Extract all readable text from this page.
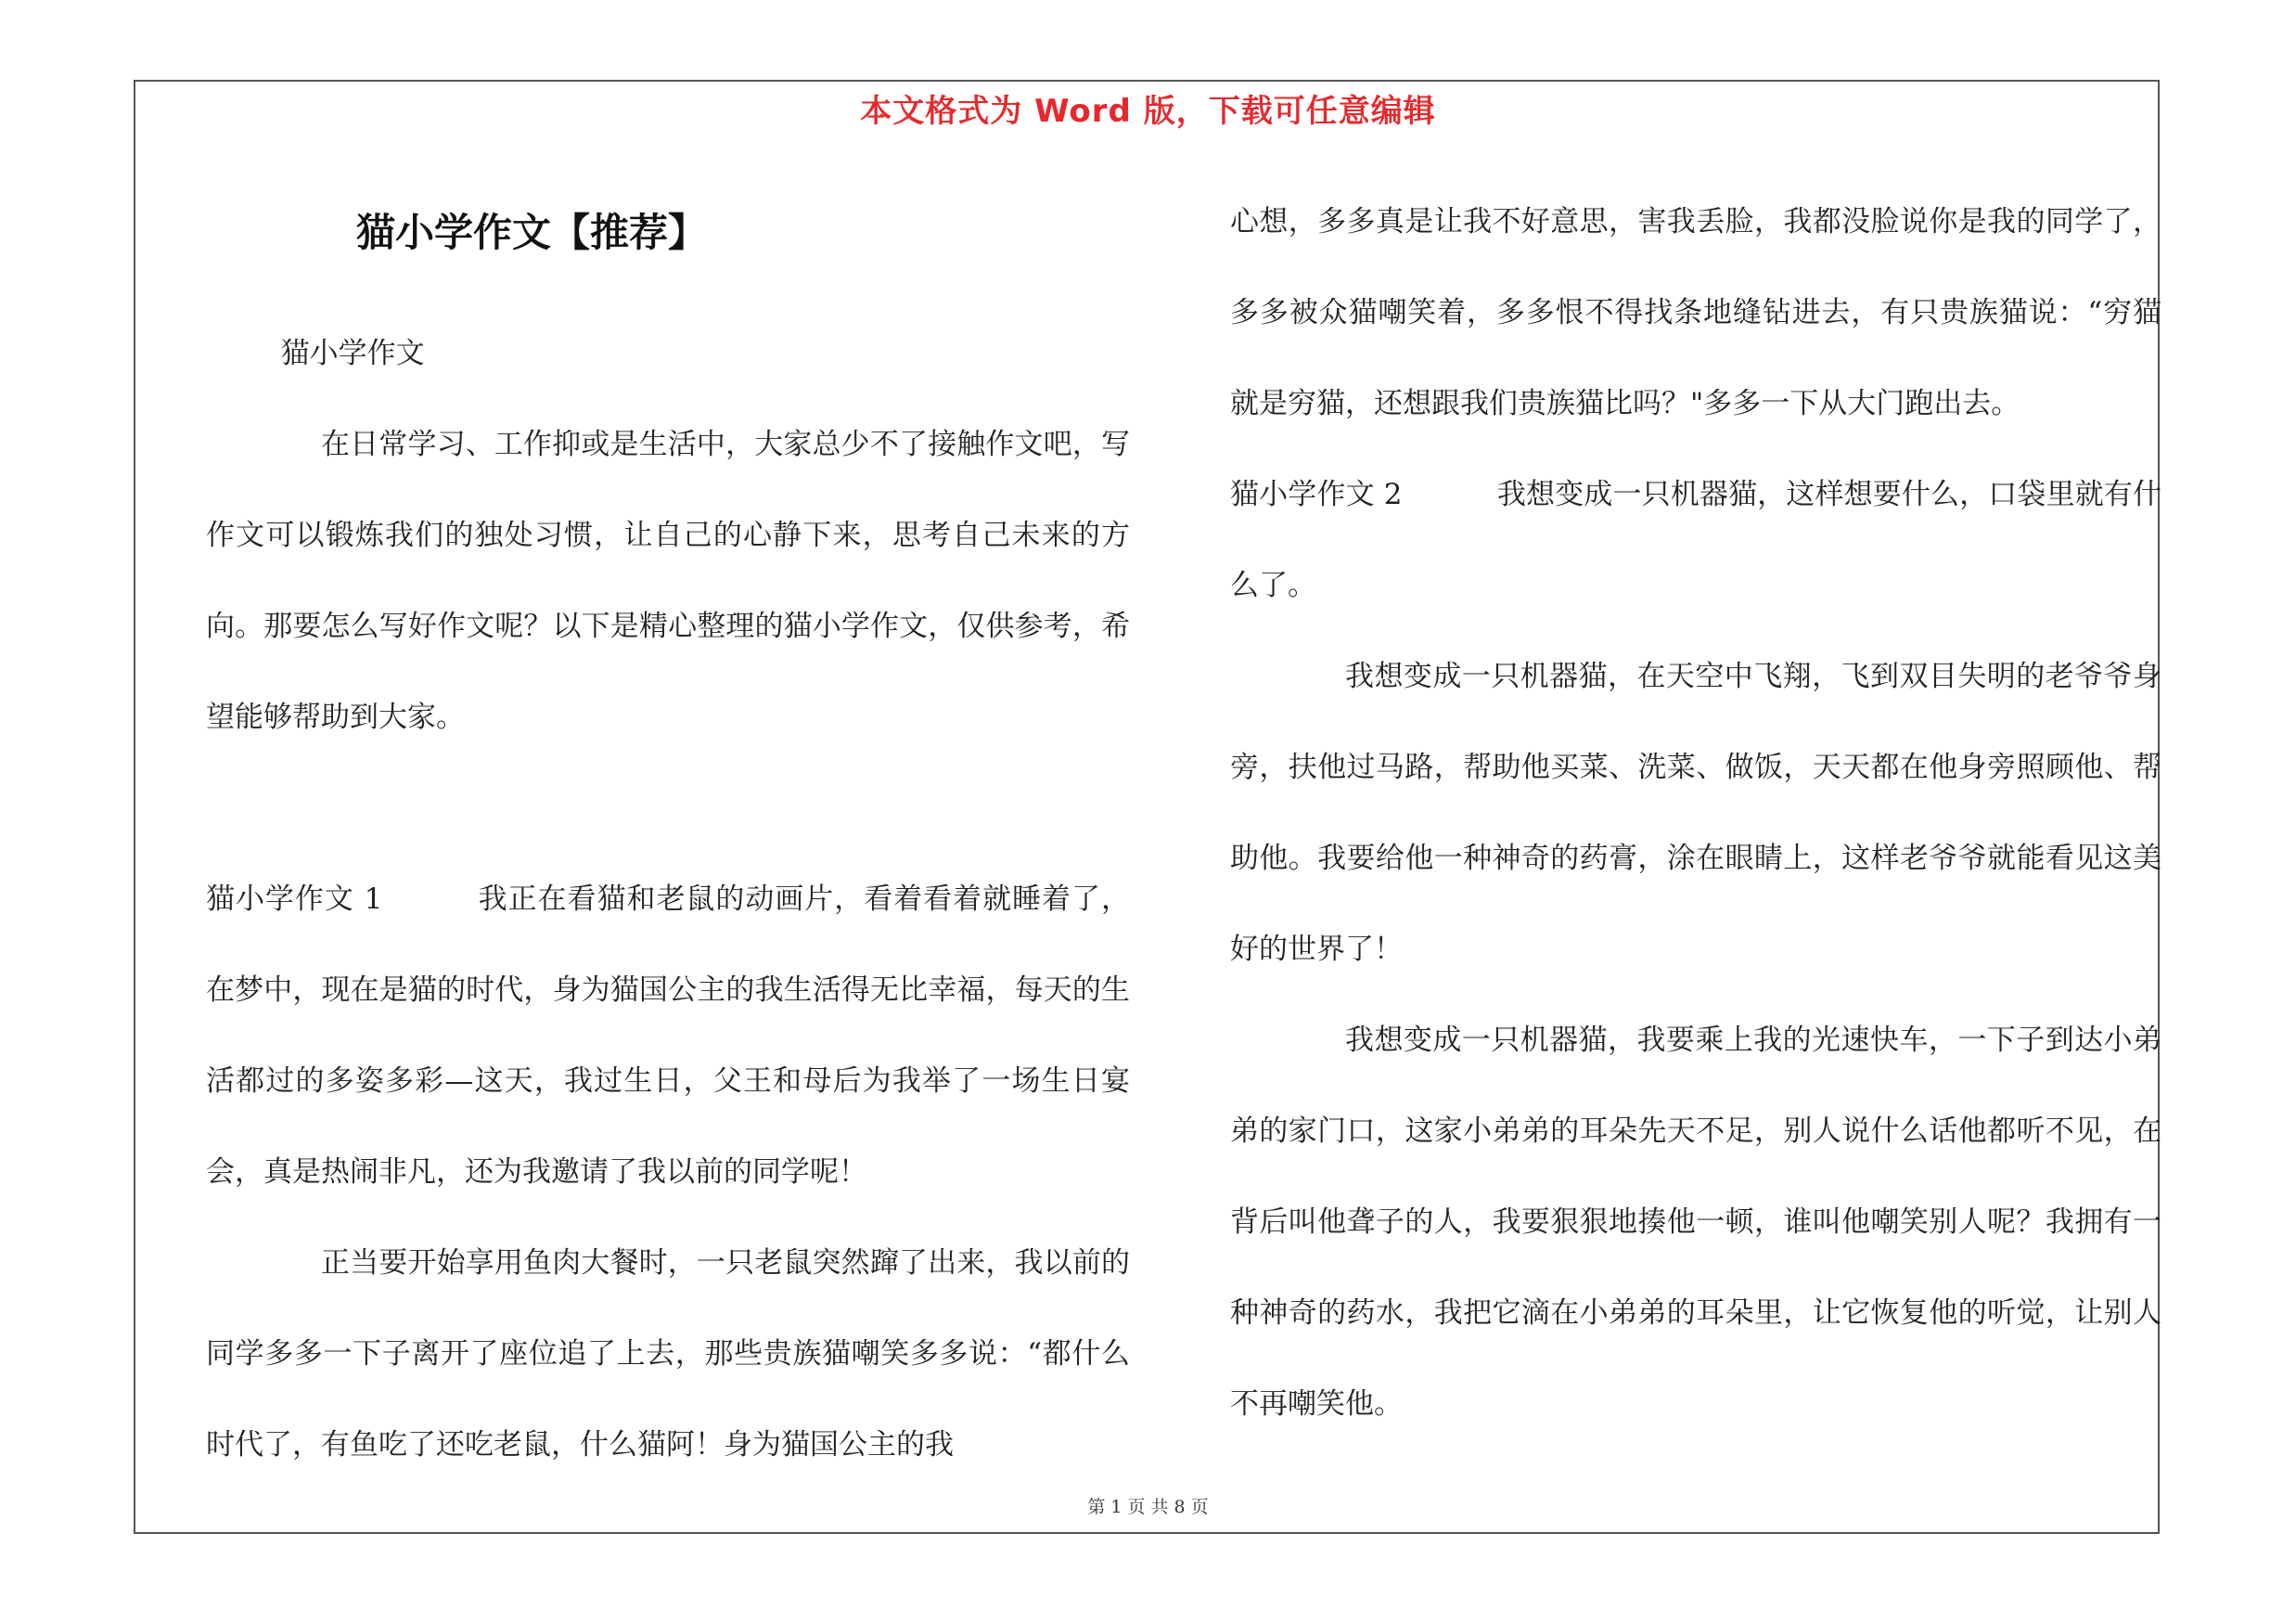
本文格式为 Word 版，下载可任意编辑
猫小学作文【推荐】

猫小学作文

在日常学习、工作抑或是生活中，大家总少不了接触作文吧，写作文可以锻炼我们的独处习惯，让自己的心静下来，思考自己未来的方向。那要怎么写好作文呢？以下是精心整理的猫小学作文，仅供参考，希望能够帮助到大家。

猫小学作文 1	我正在看猫和老鼠的动画片，看着看着就睡着了，在梦中，现在是猫的时代，身为猫国公主的我生活得无比幸福，每天的生活都过的多姿多彩—这天，我过生日，父王和母后为我举了一场生日宴会，真是热闹非凡，还为我邀请了我以前的同学呢！

正当要开始享用鱼肉大餐时，一只老鼠突然蹿了出来，我以前的同学多多一下子离开了座位追了上去，那些贵族猫嘲笑多多说：“都什么时代了，有鱼吃了还吃老鼠，什么猫阿！身为猫国公主的我

心想，多多真是让我不好意思，害我丢脸，我都没脸说你是我的同学了，多多被众猫嘲笑着，多多恨不得找条地缝钻进去，有只贵族猫说：“穷猫就是穷猫，还想跟我们贵族猫比吗？"多多一下从大门跑出去。

猫小学作文 2	我想变成一只机器猫，这样想要什么，口袋里就有什么了。

我想变成一只机器猫，在天空中飞翔，飞到双目失明的老爷爷身旁，扶他过马路，帮助他买菜、洗菜、做饭，天天都在他身旁照顾他、帮助他。我要给他一种神奇的药膏，涂在眼睛上，这样老爷爷就能看见这美好的世界了！

我想变成一只机器猫，我要乘上我的光速快车，一下子到达小弟弟的家门口，这家小弟弟的耳朵先天不足，别人说什么话他都听不见，在背后叫他聋子的人，我要狠狠地揍他一顿，谁叫他嘲笑别人呢？我拥有一种神奇的药水，我把它滴在小弟弟的耳朵里，让它恢复他的听觉，让别人不再嘲笑他。

第 1 页 共 8 页
